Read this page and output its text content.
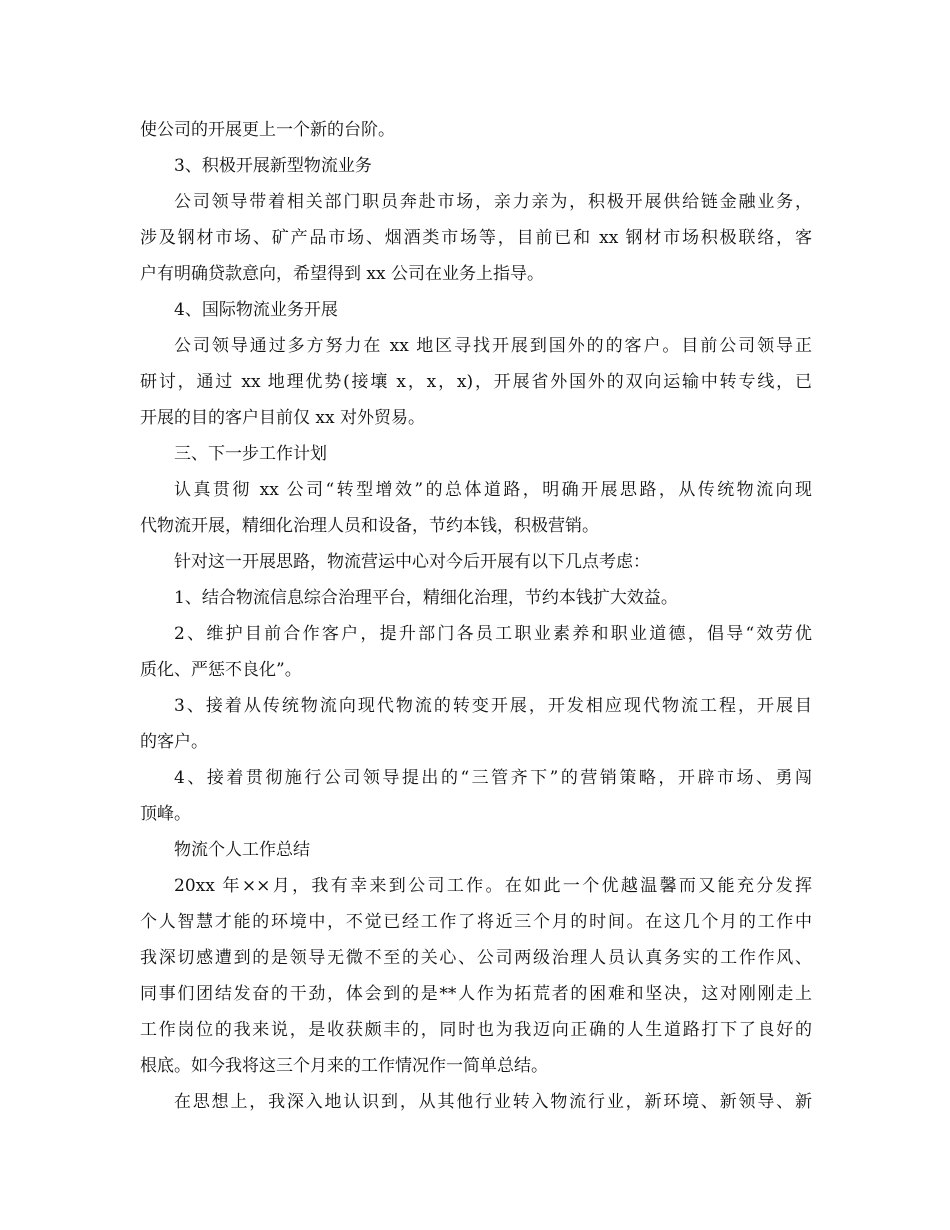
使公司的开展更上一个新的台阶。
3、积极开展新型物流业务
公司领导带着相关部门职员奔赴市场，亲力亲为，积极开展供给链金融业务，
涉及钢材市场、矿产品市场、烟酒类市场等，目前已和 xx 钢材市场积极联络，客
户有明确贷款意向，希望得到 xx 公司在业务上指导。
4、国际物流业务开展
公司领导通过多方努力在 xx 地区寻找开展到国外的的客户。目前公司领导正
研讨，通过 xx 地理优势(接壤 x，x，x)，开展省外国外的双向运输中转专线，已
开展的目的客户目前仅 xx 对外贸易。
三、下一步工作计划
认真贯彻 xx 公司“转型增效”的总体道路，明确开展思路，从传统物流向现
代物流开展，精细化治理人员和设备，节约本钱，积极营销。
针对这一开展思路，物流营运中心对今后开展有以下几点考虑：
1、结合物流信息综合治理平台，精细化治理，节约本钱扩大效益。
2、维护目前合作客户，提升部门各员工职业素养和职业道德，倡导“效劳优
质化、严惩不良化”。
3、接着从传统物流向现代物流的转变开展，开发相应现代物流工程，开展目
的客户。
4、接着贯彻施行公司领导提出的“三管齐下”的营销策略，开辟市场、勇闯
顶峰。
物流个人工作总结
20xx 年××月，我有幸来到公司工作。在如此一个优越温馨而又能充分发挥
个人智慧才能的环境中，不觉已经工作了将近三个月的时间。在这几个月的工作中
我深切感遭到的是领导无微不至的关心、公司两级治理人员认真务实的工作作风、
同事们团结发奋的干劲，体会到的是**人作为拓荒者的困难和坚决，这对刚刚走上
工作岗位的我来说，是收获颇丰的，同时也为我迈向正确的人生道路打下了良好的
根底。如今我将这三个月来的工作情况作一简单总结。
在思想上，我深入地认识到，从其他行业转入物流行业，新环境、新领导、新
